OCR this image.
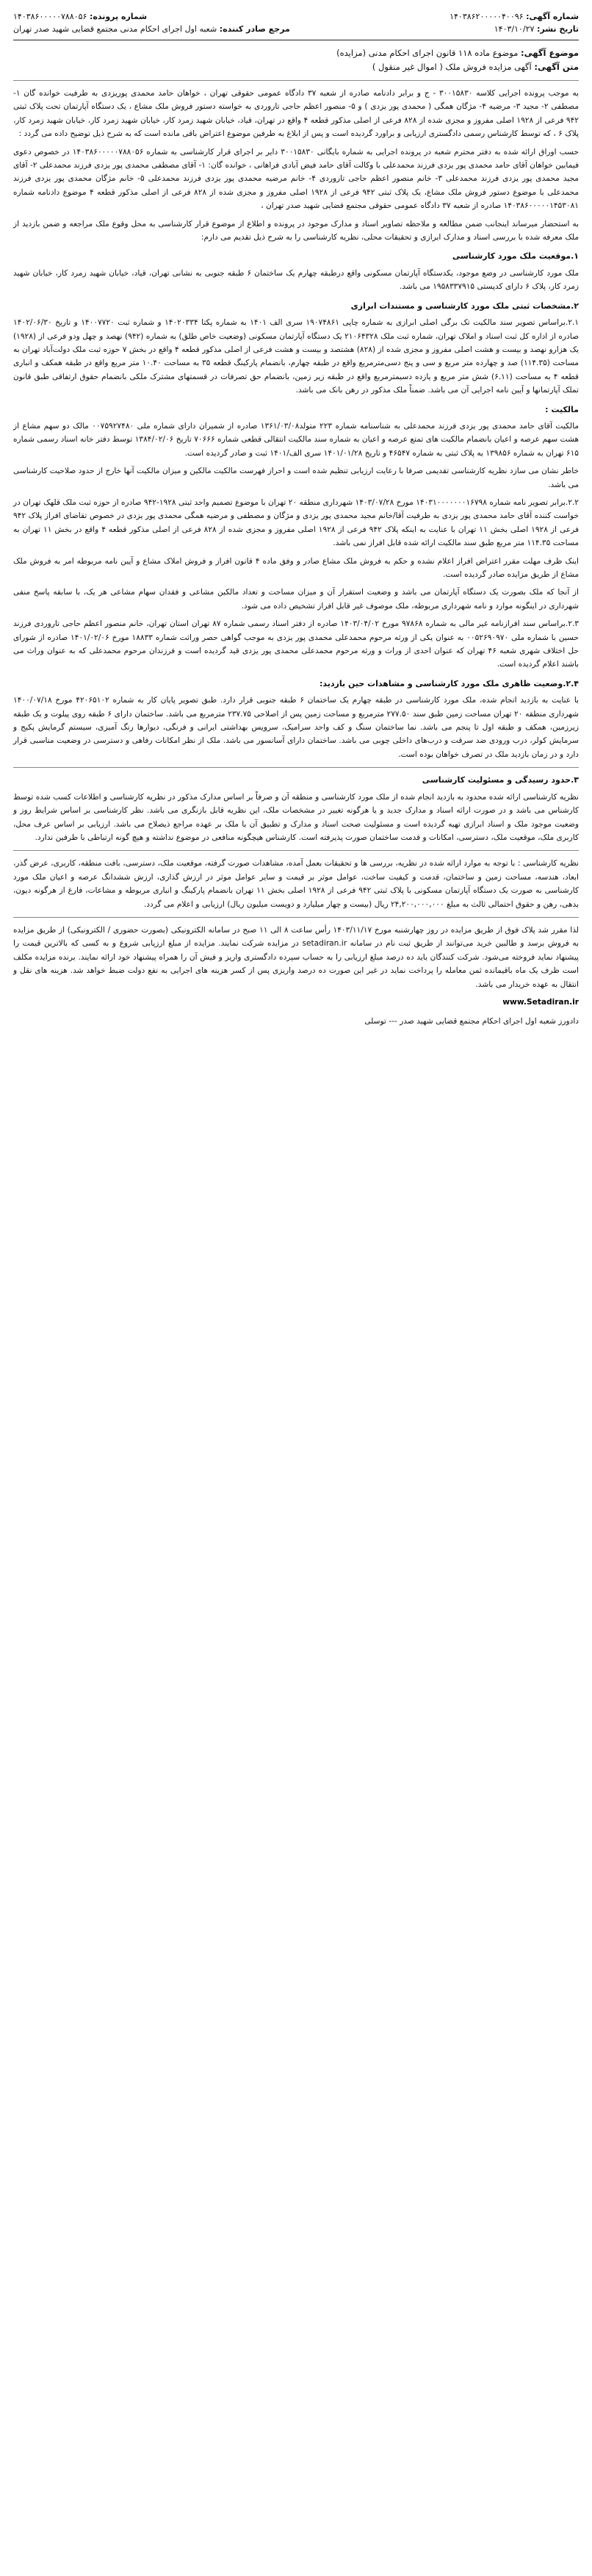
شماره آگهی: ۱۴۰۳۸۶۲۰۰۰۰۰۴۰۰۹۶
تاریخ نشر: ۱۴۰۳/۱۰/۲۷
شماره پرونده: ۱۴۰۳۸۶۰۰۰۰۰۷۸۸۰۵۶
مرجع صادر کننده: شعبه اول اجرای احکام مدنی مجتمع قضایی شهید صدر تهران
موضوع آگهی: موضوع ماده ۱۱۸ قانون اجرای احکام مدنی (مزایده)
متن آگهی: آگهی مزایده فروش ملک ( اموال غیر منقول )

به موجب پرونده اجرایی کلاسه ۳۰۰۱۵۸۳۰ - ج و برابر دادنامه صادره از شعبه ۳۷ دادگاه عمومی حقوقی تهران ، خواهان حامد محمدی پوریزدی به طرفیت خوانده گان ۱- مصطفی ۲- مجید ۳- مرضیه ۴- مژگان همگی ( محمدی پور یزدی ) و ۵- منصور اعظم حاجی تاروردی به خواسته دستور فروش ملک مشاع ، یک دستگاه آپارتمان تحت پلاک ثبتی ۹۴۲ فرعی از ۱۹۲۸ اصلی مفروز و مجزی شده از ۸۲۸ فرعی از اصلی مذکور قطعه ۴ واقع در تهران، قیاد، خیابان شهید زمرد کار، خیابان شهید زمرد کار، خیابان شهید زمرد کار، پلاک ۶ ، که توسط کارشناس رسمی دادگستری ارزیابی و براورد گردیده است و پس از ابلاغ به طرفین موضوع اعتراض باقی مانده است که به شرح ذیل توضیح داده می گردد :

حسب اوراق ارائه شده به دفتر محترم شعبه در پرونده اجرایی به شماره بایگانی ۳۰۰۱۵۸۳۰ دایر بر اجرای قرار کارشناسی به شماره ۱۴۰۳۸۶۰۰۰۰۰۷۸۸۰۵۶ در خصوص دعوی فیمابین خواهان آقای حامد محمدی پور یزدی فرزند محمدعلی با وکالت آقای حامد فیض آبادی فراهانی ، خوانده گان: ۱- آقای مصطفی محمدی پور یزدی فرزند محمدعلی ۲- آقای مجید محمدی پور یزدی فرزند محمدعلی ۳- خانم منصور اعظم حاجی تاروردی ۴- خانم مرضیه محمدی پور یزدی فرزند محمدعلی ۵- خانم مژگان محمدی پور یزدی فرزند محمدعلی با موضوع دستور فروش ملک مشاع، یک پلاک ثبتی ۹۴۲ فرعی از ۱۹۲۸ اصلی مفروز و مجزی شده از ۸۲۸ فرعی از اصلی مذکور قطعه ۴ موضوع دادنامه شماره ۱۴۰۳۸۶۰۰۰۰۰۱۴۵۳۰۸۱ صادره از شعبه ۳۷ دادگاه عمومی حقوقی مجتمع قضایی شهید صدر تهران ،

به استحضار میرساند اینجانب ضمن مطالعه و ملاحظه تصاویر اسناد و مدارک موجود در پرونده و اطلاع از موضوع قرار کارشناسی به محل وقوع ملک مراجعه و ضمن بازدید از ملک معرفه شده با بررسی اسناد و مدارک ابرازی و تحقیقات محلی، نظریه کارشناسی را به شرح ذیل تقدیم می دارم:

۱.موقعیت ملک مورد کارشناسی

ملک مورد کارشناسی در وضع موجود، یکدستگاه آپارتمان مسکونی واقع درطبقه چهارم یک ساختمان ۶ طبقه جنوبی به نشانی تهران، قیاد، خیابان شهید زمرد کار، خیابان شهید زمرد کار، پلاک ۶ دارای کدپستی ۱۹۵۸۳۳۷۹۱۵ می باشد.

۲.مشخصات ثبتی ملک مورد کارشناسی و مستندات ابرازی

۲.۱.براساس تصویر سند مالکیت تک برگی اصلی ابرازی به شماره چاپی ۱۹۰۷۴۸۶۱ سری الف ۱۴۰۱ به شماره پکتا ۱۴۰۲۰۳۳۴ و شماره ثبت ۱۴۰۰۷۷۲۰ و تاریخ ۱۴۰۲/۰۶/۳۰ صادره از اداره کل ثبت اسناد و املاک تهران، شماره ثبت ملک ۲۱۰۶۴۳۲۸ یک دستگاه آپارتمان مسکونی (وضعیت خاص طلق) به شماره (۹۴۲) نهصد و چهل ودو فرعی از (۱۹۲۸) یک هزارو نهصد و بیست و هشت اصلی مفروز و مجزی شده از (۸۲۸) هشتصد و بیست و هشت فرعی از اصلی مذکور قطعه ۴ واقع در بخش ۷ حوزه ثبت ملک دولت‌آباد تهران به مساحت (۱۱۴.۳۵) صد و چهارده متر مربع و سی و پنج دسی‌مترمربع واقع در طبقه چهارم، بانضمام پارکینگ قطعه ۳۵ به مساحت ۱۰.۴۰ متر مربع واقع در طبقه همکف و انباری قطعه ۴ به مساحت (۶.۱۱) شش متر مربع و یازده دسیمترمربع واقع در طبقه زیر زمین، بانضمام حق تصرفات در قسمتهای مشترک ملکی بانضمام حقوق ارتفاقی طبق قانون تملک آپارتمانها و آیین نامه اجرایی آن می باشد. ضمناً ملک مذکور در رهن بانک می باشد.

مالکیت :

مالکیت آقای حامد محمدی پور یزدی فرزند محمدعلی به شناسنامه شماره ۲۲۳ متولد۱۳۶۱/۰۳/۰۸ صادره از شمیران دارای شماره ملی ۰۰۷۵۹۲۷۴۸۰ مالک دو سهم مشاع از هشت سهم عرصه و اعیان بانضمام مالکیت های تمتع عرصه و اعیان به شماره سند مالکیت انتقالی قطعی شماره ۷۰۶۶۶ تاریخ ۱۳۸۴/۰۲/۰۶ توسط دفتر خانه اسناد رسمی شماره ۶۱۵ تهران به شماره ۱۳۹۸۵۶ به پلاک ثبتی به شماره ۴۶۵۴۷ و تاریخ ۱۴۰۱/۰۱/۲۸ سری الف/۱۴۰۱ ثبت و صادر گردیده است.

خاطر نشان می سازد نظریه کارشناسی تقدیمی صرفا با رعایت ارزیابی تنظیم شده است و احراز فهرست مالکیت مالکین و میزان مالکیت آنها خارج از حدود صلاحیت کارشناسی می باشد.

۲.۲.برابر تصویر نامه شماره ۱۴۰۳۱۰۰۰۰۰۰۰۱۶۷۹۸ مورخ ۱۴۰۳/۰۷/۲۸ شهرداری منطقه ۲۰ تهران با موضوع تصمیم واحد ثبتی ۱۹۲۸-۹۴۲ صادره از حوزه ثبت ملک قلهک تهران در خواست کننده آقای حامد محمدی پور یزدی به طرفیت آقا/خانم مجید محمدی پور یزدی و مژگان و مصطفی و مرضیه همگی محمدی پور یزدی در خصوص تقاضای افراز پلاک ۹۴۲ فرعی از ۱۹۲۸ اصلی بخش ۱۱ تهران با عنایت به اینکه پلاک ۹۴۲ فرعی از ۱۹۲۸ اصلی مفروز و مجزی شده از ۸۲۸ فرعی از اصلی مذکور قطعه ۴ واقع در بخش ۱۱ تهران به مساحت ۱۱۴.۳۵ متر مربع طبق سند مالکیت ارائه شده قابل افراز نمی باشد.

اینک ظرف مهلت مقرر اعتراض افراز اعلام نشده و حکم به فروش ملک مشاع صادر و وفق ماده ۴ قانون افراز و فروش املاک مشاع و آیین نامه مربوطه امر به فروش ملک مشاع از طریق مزایده صادر گردیده است.

از آنجا که ملک بصورت یک دستگاه آپارتمان می باشد و وضعیت استقرار آن و میزان مساحت و تعداد مالکین مشاعی و فقدان سهام مشاعی هر یک، با سابقه پاسخ منفی شهرداری در اینگونه موارد و نامه شهرداری مربوطه، ملک موصوف غیر قابل افراز تشخیص داده می شود.

۲.۳.براساس سند افرازنامه غیر مالی به شماره ۹۷۸۶۸ مورخ ۱۴۰۳/۰۴/۰۲ صادره از دفتر اسناد رسمی شماره ۸۷ تهران استان تهران، خانم منصور اعظم حاجی تاروردی فرزند حسین با شماره ملی ۰۰۵۲۶۹۰۹۷۰ به عنوان یکی از ورثه مرحوم محمدعلی محمدی پور یزدی به موجب گواهی حصر وراثت شماره ۱۸۸۳۳ مورخ ۱۴۰۱/۰۲/۰۶ صادره از شورای حل اختلاف شهری شعبه ۴۶ تهران که عنوان احدی از وراث و ورثه مرحوم محمدعلی محمدی پور یزدی قید گردیده است و فرزندان مرحوم محمدعلی که به عنوان وراث می باشند اعلام گردیده است.

۲.۴.وضعیت ظاهری ملک مورد کارشناسی و مشاهدات حین بازدید:

با عنایت به بازدید انجام شده، ملک مورد کارشناسی در طبقه چهارم یک ساختمان ۶ طبقه جنوبی قرار دارد. طبق تصویر پایان کار به شماره ۴۲۰۶۵۱۰۲ مورخ ۱۴۰۰/۰۷/۱۸ شهرداری منطقه ۲۰ تهران مساحت زمین طبق سند ۲۷۷.۵۰ مترمربع و مساحت زمین پس از اصلاحی ۲۳۷.۷۵ مترمربع می باشد. ساختمان دارای ۶ طبقه روی پیلوت و یک طبقه زیرزمین، همکف و طبقه اول تا پنجم می باشد. نما ساختمان سنگ و کف واحد سرامیک، سرویس بهداشتی ایرانی و فرنگی، دیوارها رنگ آمیزی، سیستم گرمایش پکیج و سرمایش کولر، درب ورودی ضد سرقت و درب‌های داخلی چوبی می باشد. ساختمان دارای آسانسور می باشد. ملک از نظر امکانات رفاهی و دسترسی در وضعیت مناسبی قرار دارد و در زمان بازدید ملک در تصرف خواهان بوده است.

۳.حدود رسیدگی و مسئولیت کارشناسی

نظریه کارشناسی ارائه شده محدود به بازدید انجام شده از ملک مورد کارشناسی و منطقه آن و صرفاً بر اساس مدارک مذکور در نظریه کارشناسی و اطلاعات کسب شده توسط کارشناس می باشد و در صورت ارائه اسناد و مدارک جدید و یا هرگونه تغییر در مشخصات ملک، این نظریه قابل بازنگری می باشد. نظر کارشناسی بر اساس شرایط روز و وضعیت موجود ملک و اسناد ابرازی تهیه گردیده است و مسئولیت صحت اسناد و مدارک و تطبیق آن با ملک بر عهده مراجع ذیصلاح می باشد. ارزیابی بر اساس عرف محل، کاربری ملک، موقعیت ملک، دسترسی، امکانات و قدمت ساختمان صورت پذیرفته است. کارشناس هیچگونه منافعی در موضوع نداشته و هیچ گونه ارتباطی با طرفین ندارد.

نظریه کارشناسی : با توجه به موارد ارائه شده در نظریه، بررسی ها و تحقیقات بعمل آمده، مشاهدات صورت گرفته، موقعیت ملک، دسترسی، بافت منطقه، کاربری، عرض گذر، ابعاد، هندسه، مساحت زمین و ساختمان، قدمت و کیفیت ساخت، عوامل موثر بر قیمت و سایر عوامل موثر در ارزش گذاری، ارزش ششدانگ عرصه و اعیان ملک مورد کارشناسی به صورت یک دستگاه آپارتمان مسکونی با پلاک ثبتی ۹۴۲ فرعی از ۱۹۲۸ اصلی بخش ۱۱ تهران بانضمام پارکینگ و انباری مربوطه و مشاعات، فارغ از هرگونه دیون، بدهی، رهن و حقوق احتمالی ثالث به مبلغ ۲۴,۲۰۰,۰۰۰,۰۰۰ ریال (بیست و چهار میلیارد و دویست میلیون ریال) ارزیابی و اعلام می گردد.

لذا مقرر شد پلاک فوق از طریق مزایده در روز چهارشنبه مورخ ۱۴۰۳/۱۱/۱۷ رأس ساعت ۸ الی ۱۱ صبح در سامانه الکترونیکی (بصورت حضوری / الکترونیکی) از طریق مزایده به فروش برسد و طالبین خرید می‌توانند از طریق ثبت نام در سامانه setadiran.ir در مزایده شرکت نمایند. مزایده از مبلغ ارزیابی شروع و به کسی که بالاترین قیمت را پیشنهاد نماید فروخته می‌شود. شرکت کنندگان باید ده درصد مبلغ ارزیابی را به حساب سپرده دادگستری واریز و فیش آن را همراه پیشنهاد خود ارائه نمایند. برنده مزایده مکلف است ظرف یک ماه باقیمانده ثمن معامله را پرداخت نماید در غیر این صورت ده درصد واریزی پس از کسر هزینه های اجرایی به نفع دولت ضبط خواهد شد. هزینه های نقل و انتقال به عهده خریدار می باشد.

www.Setadiran.ir

دادورز شعبه اول اجرای احکام مجتمع قضایی شهید صدر --- توسلی
